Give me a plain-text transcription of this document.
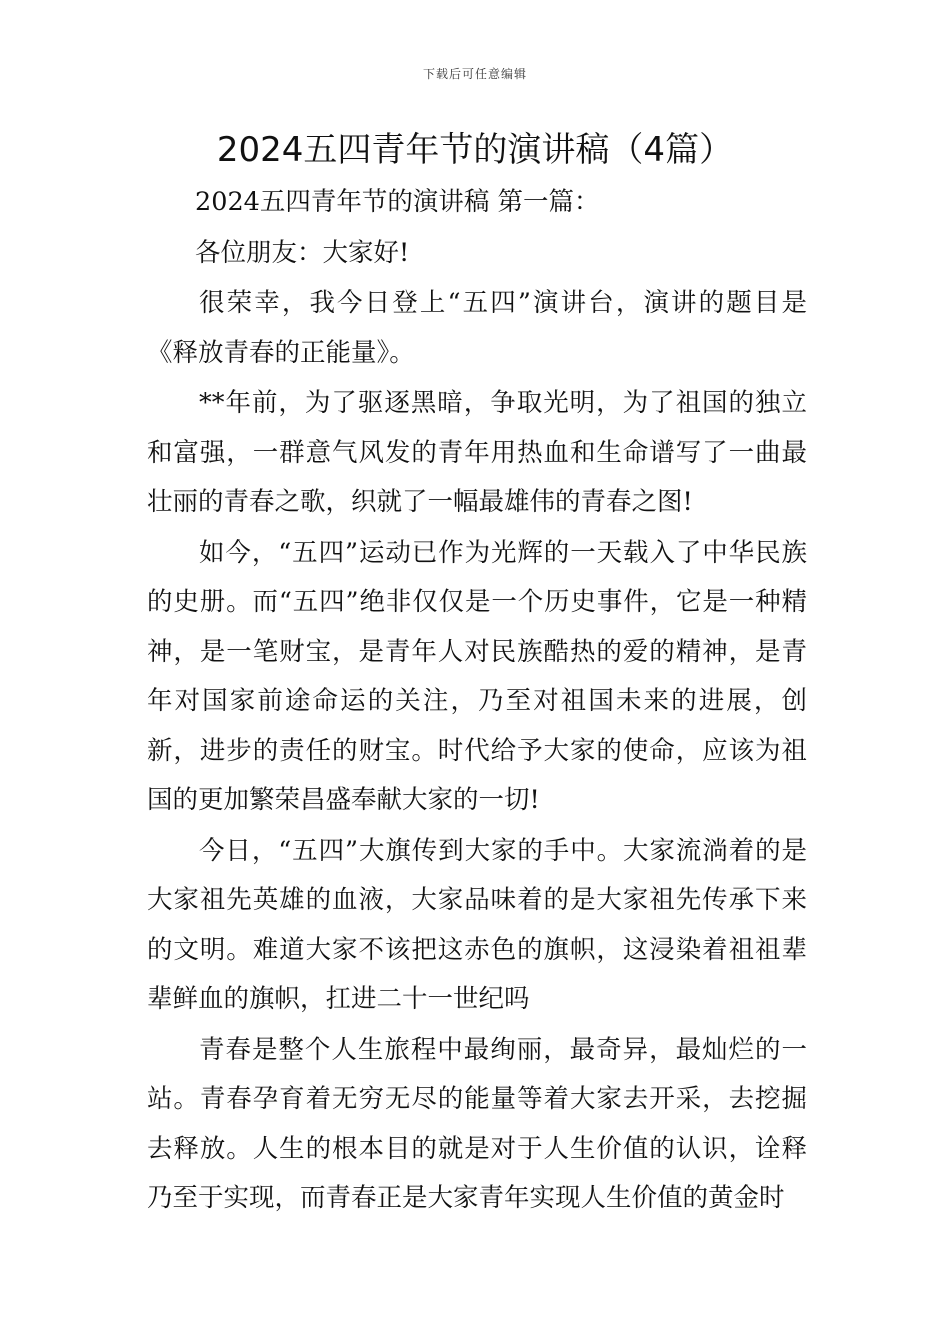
下载后可任意编辑
2024五四青年节的演讲稿（4篇）

2024五四青年节的演讲稿 第一篇：

各位朋友：大家好!

很荣幸，我今日登上“五四”演讲台，演讲的题目是《释放青春的正能量》。

**年前，为了驱逐黑暗，争取光明，为了祖国的独立和富强，一群意气风发的青年用热血和生命谱写了一曲最壮丽的青春之歌，织就了一幅最雄伟的青春之图!

如今，“五四”运动已作为光辉的一天载入了中华民族的史册。而“五四”绝非仅仅是一个历史事件，它是一种精神，是一笔财宝，是青年人对民族酷热的爱的精神，是青年对国家前途命运的关注，乃至对祖国未来的进展，创新，进步的责任的财宝。时代给予大家的使命，应该为祖国的更加繁荣昌盛奉献大家的一切!

今日，“五四”大旗传到大家的手中。大家流淌着的是大家祖先英雄的血液，大家品味着的是大家祖先传承下来的文明。难道大家不该把这赤色的旗帜，这浸染着祖祖辈辈鲜血的旗帜，扛进二十一世纪吗

青春是整个人生旅程中最绚丽，最奇异，最灿烂的一站。青春孕育着无穷无尽的能量等着大家去开采，去挖掘去释放。人生的根本目的就是对于人生价值的认识，诠释乃至于实现，而青春正是大家青年实现人生价值的黄金时
